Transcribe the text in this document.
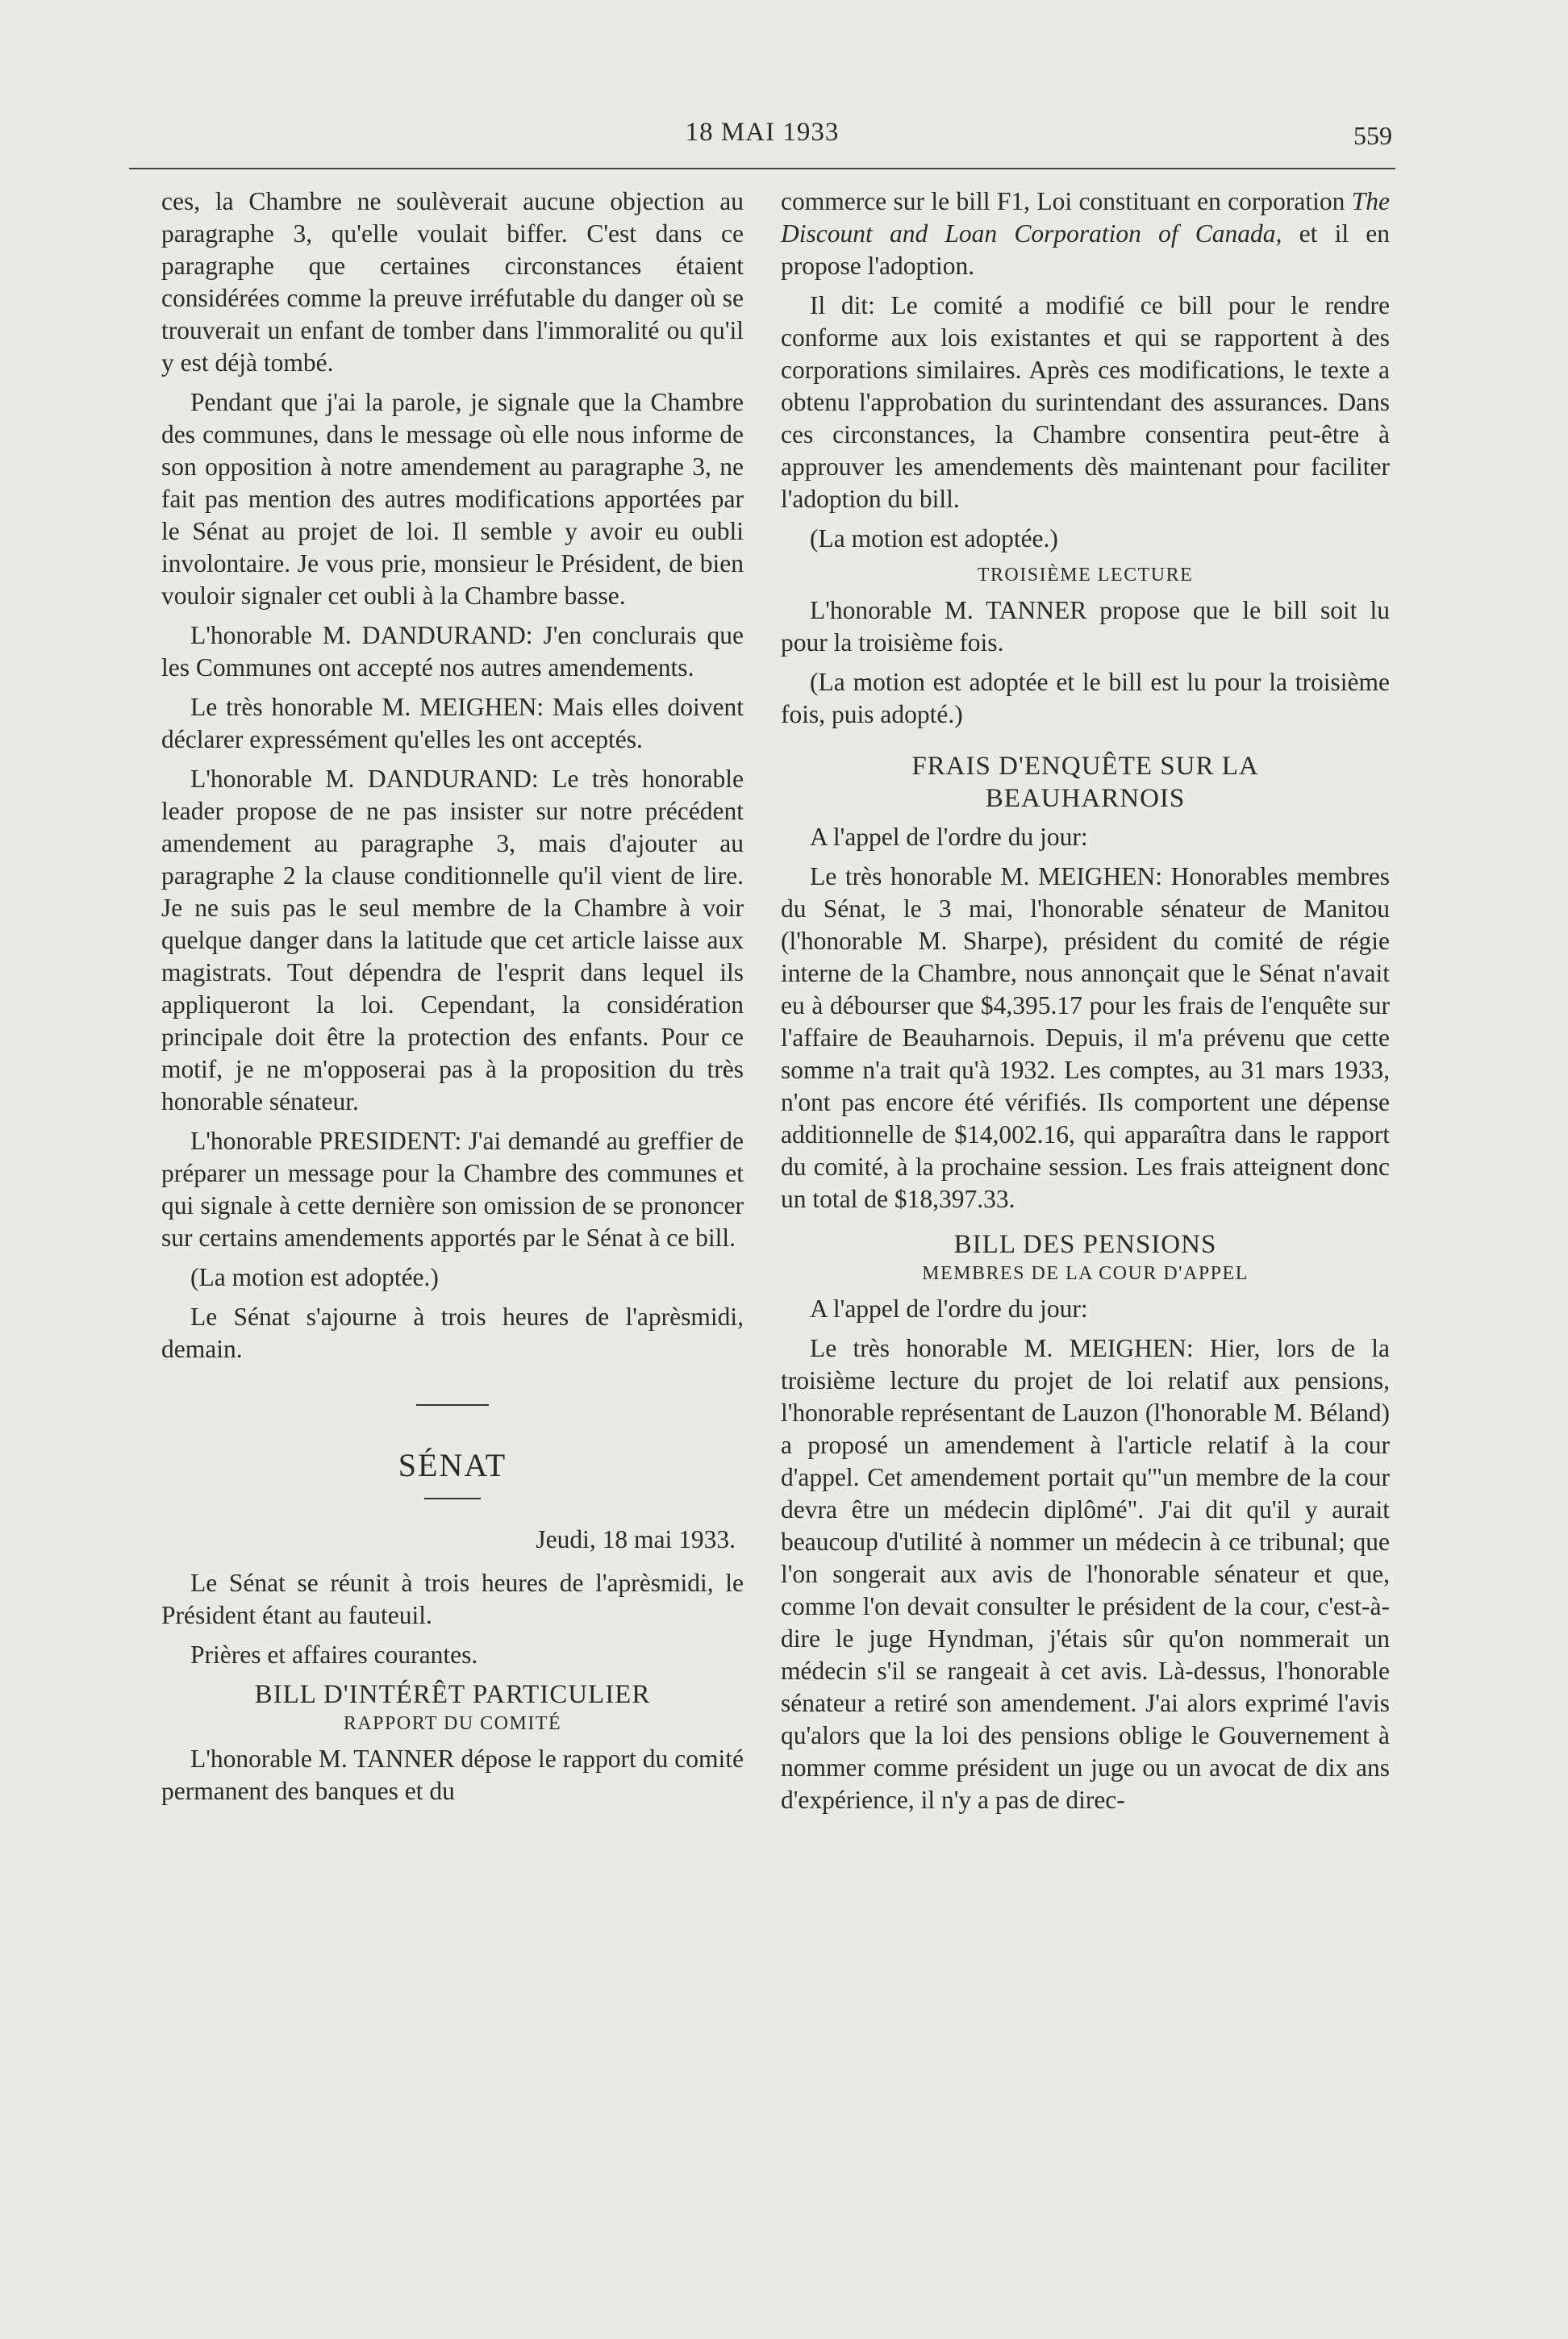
18 MAI 1933	559

ces, la Chambre ne soulèverait aucune objection au paragraphe 3, qu'elle voulait biffer. C'est dans ce paragraphe que certaines circonstances étaient considérées comme la preuve irréfutable du danger où se trouverait un enfant de tomber dans l'immoralité ou qu'il y est déjà tombé.

Pendant que j'ai la parole, je signale que la Chambre des communes, dans le message où elle nous informe de son opposition à notre amendement au paragraphe 3, ne fait pas mention des autres modifications apportées par le Sénat au projet de loi. Il semble y avoir eu oubli involontaire. Je vous prie, monsieur le Président, de bien vouloir signaler cet oubli à la Chambre basse.

L'honorable M. DANDURAND: J'en conclurais que les Communes ont accepté nos autres amendements.

Le très honorable M. MEIGHEN: Mais elles doivent déclarer expressément qu'elles les ont acceptés.

L'honorable M. DANDURAND: Le très honorable leader propose de ne pas insister sur notre précédent amendement au paragraphe 3, mais d'ajouter au paragraphe 2 la clause conditionnelle qu'il vient de lire. Je ne suis pas le seul membre de la Chambre à voir quelque danger dans la latitude que cet article laisse aux magistrats. Tout dépendra de l'esprit dans lequel ils appliqueront la loi. Cependant, la considération principale doit être la protection des enfants. Pour ce motif, je ne m'opposerai pas à la proposition du très honorable sénateur.

L'honorable PRESIDENT: J'ai demandé au greffier de préparer un message pour la Chambre des communes et qui signale à cette dernière son omission de se prononcer sur certains amendements apportés par le Sénat à ce bill.

(La motion est adoptée.)

Le Sénat s'ajourne à trois heures de l'aprèsmidi, demain.

SÉNAT
Jeudi, 18 mai 1933.

Le Sénat se réunit à trois heures de l'aprèsmidi, le Président étant au fauteuil.

Prières et affaires courantes.

BILL D'INTÉRÊT PARTICULIER
RAPPORT DU COMITÉ

L'honorable M. TANNER dépose le rapport du comité permanent des banques et du

commerce sur le bill F1, Loi constituant en corporation The Discount and Loan Corporation of Canada, et il en propose l'adoption.

Il dit: Le comité a modifié ce bill pour le rendre conforme aux lois existantes et qui se rapportent à des corporations similaires. Après ces modifications, le texte a obtenu l'approbation du surintendant des assurances. Dans ces circonstances, la Chambre consentira peut-être à approuver les amendements dès maintenant pour faciliter l'adoption du bill.

(La motion est adoptée.)

TROISIÈME LECTURE

L'honorable M. TANNER propose que le bill soit lu pour la troisième fois.

(La motion est adoptée et le bill est lu pour la troisième fois, puis adopté.)

FRAIS D'ENQUÊTE SUR LA BEAUHARNOIS

A l'appel de l'ordre du jour:

Le très honorable M. MEIGHEN: Honorables membres du Sénat, le 3 mai, l'honorable sénateur de Manitou (l'honorable M. Sharpe), président du comité de régie interne de la Chambre, nous annonçait que le Sénat n'avait eu à débourser que $4,395.17 pour les frais de l'enquête sur l'affaire de Beauharnois. Depuis, il m'a prévenu que cette somme n'a trait qu'à 1932. Les comptes, au 31 mars 1933, n'ont pas encore été vérifiés. Ils comportent une dépense additionnelle de $14,002.16, qui apparaîtra dans le rapport du comité, à la prochaine session. Les frais atteignent donc un total de $18,397.33.

BILL DES PENSIONS
MEMBRES DE LA COUR D'APPEL

A l'appel de l'ordre du jour:

Le très honorable M. MEIGHEN: Hier, lors de la troisième lecture du projet de loi relatif aux pensions, l'honorable représentant de Lauzon (l'honorable M. Béland) a proposé un amendement à l'article relatif à la cour d'appel. Cet amendement portait qu'"un membre de la cour devra être un médecin diplômé". J'ai dit qu'il y aurait beaucoup d'utilité à nommer un médecin à ce tribunal; que l'on songerait aux avis de l'honorable sénateur et que, comme l'on devait consulter le président de la cour, c'est-à-dire le juge Hyndman, j'étais sûr qu'on nommerait un médecin s'il se rangeait à cet avis. Là-dessus, l'honorable sénateur a retiré son amendement. J'ai alors exprimé l'avis qu'alors que la loi des pensions oblige le Gouvernement à nommer comme président un juge ou un avocat de dix ans d'expérience, il n'y a pas de direc-
